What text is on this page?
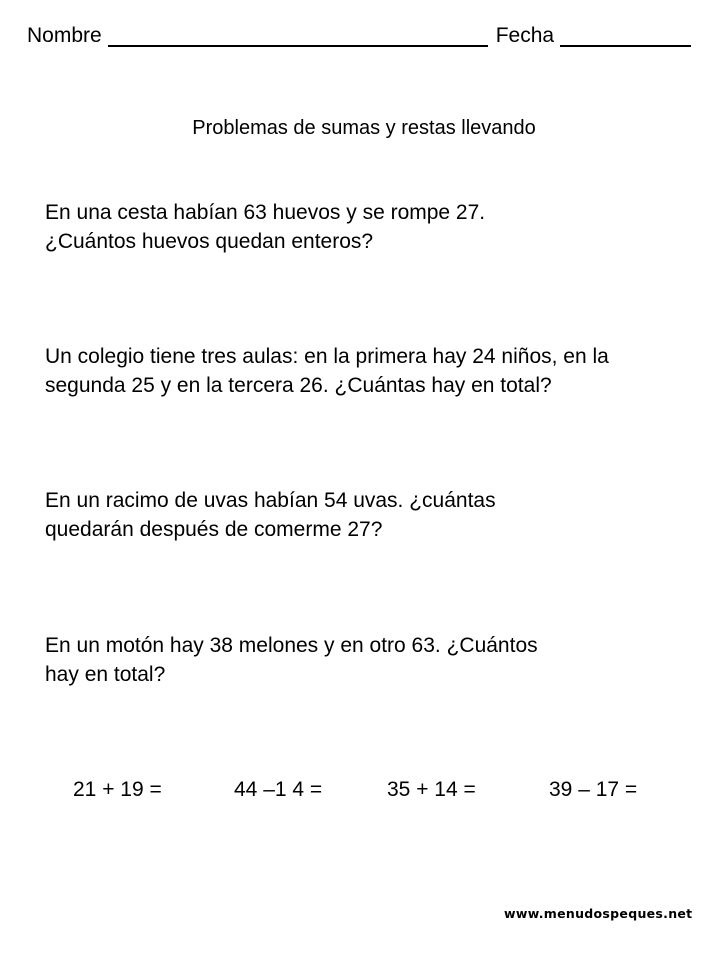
Nombre	Fecha
Problemas de sumas y restas llevando

En una cesta habían 63 huevos y se rompe 27.
¿Cuántos huevos quedan enteros?

Un colegio tiene tres aulas: en la primera hay 24 niños, en la
segunda 25 y en la tercera 26. ¿Cuántas hay en total?

En un racimo de uvas habían 54 uvas. ¿cuántas
quedarán después de comerme 27?

En un motón hay 38 melones y en otro 63. ¿Cuántos
hay en total?

21 + 19 =	44 –1 4 =	35 + 14 =	39 – 17 =
www.menudospeques.net
